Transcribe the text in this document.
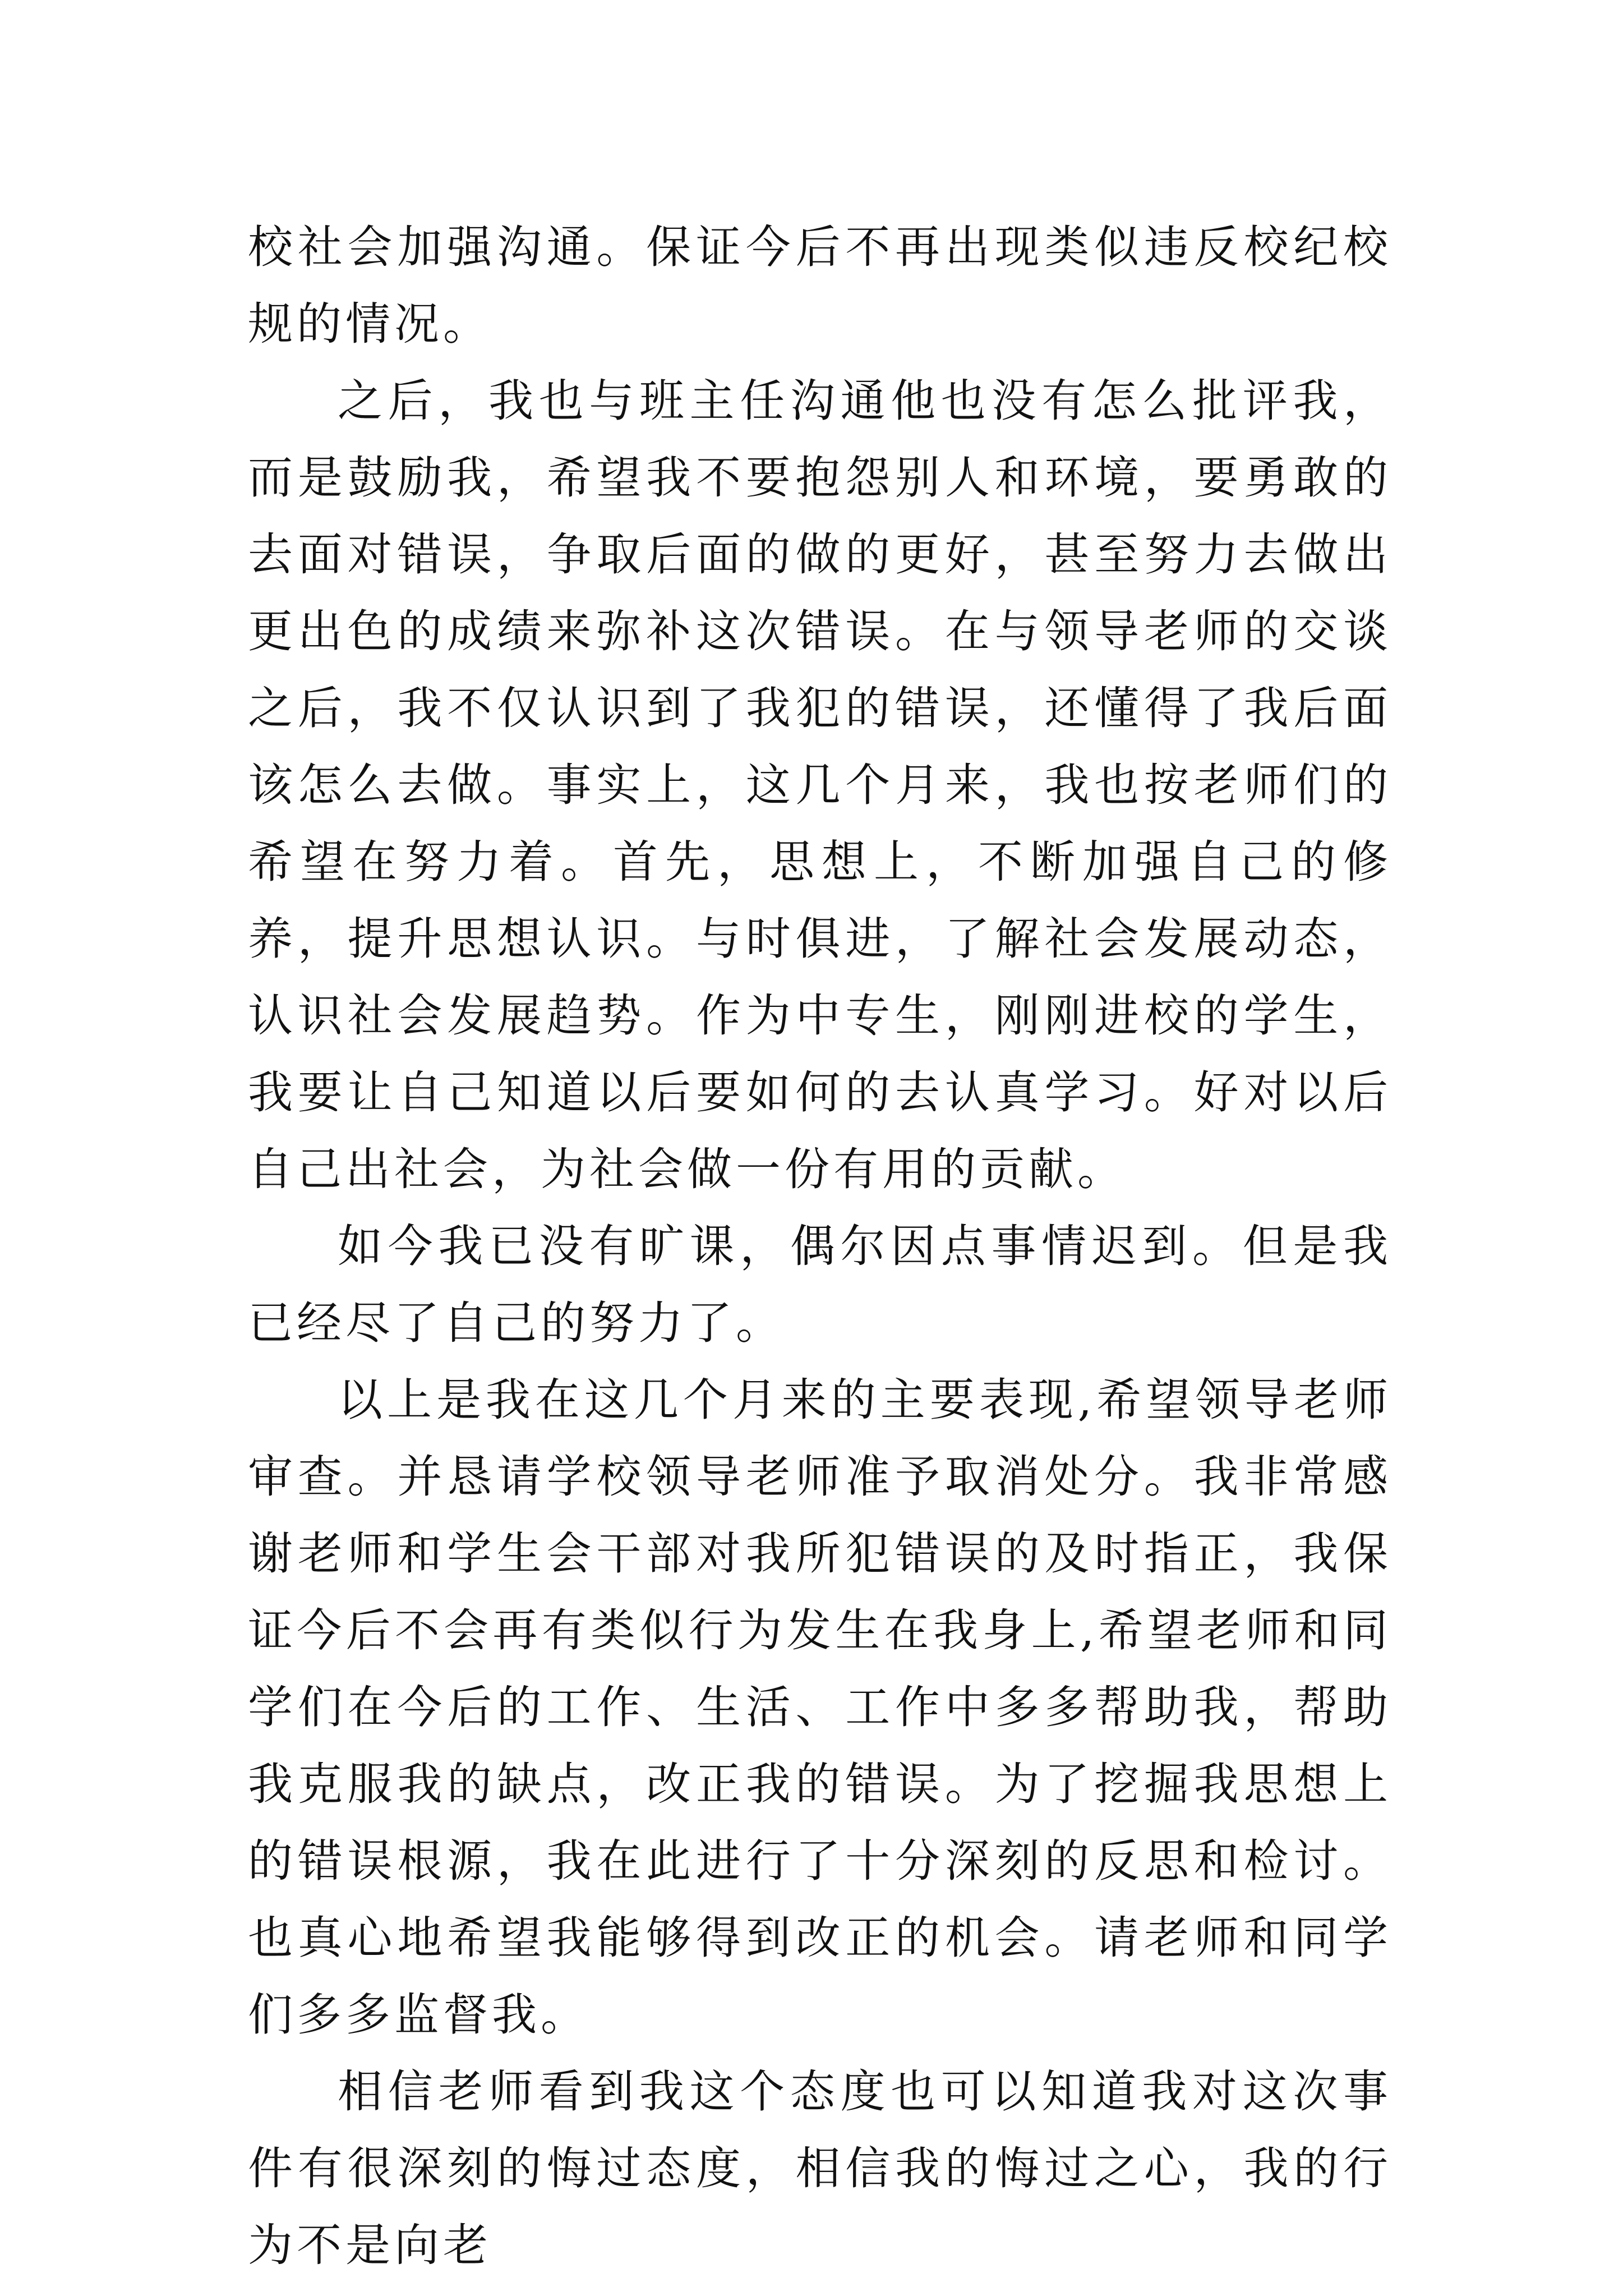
校社会加强沟通。保证今后不再出现类似违反校纪校规的情况。

之后，我也与班主任沟通他也没有怎么批评我，而是鼓励我，希望我不要抱怨别人和环境，要勇敢的去面对错误，争取后面的做的更好，甚至努力去做出更出色的成绩来弥补这次错误。在与领导老师的交谈之后，我不仅认识到了我犯的错误，还懂得了我后面该怎么去做。事实上，这几个月来，我也按老师们的希望在努力着。首先，思想上，不断加强自己的修养，提升思想认识。与时俱进，了解社会发展动态，认识社会发展趋势。作为中专生，刚刚进校的学生，我要让自己知道以后要如何的去认真学习。好对以后自己出社会，为社会做一份有用的贡献。

如今我已没有旷课，偶尔因点事情迟到。但是我已经尽了自己的努力了。

以上是我在这几个月来的主要表现,希望领导老师审查。并恳请学校领导老师准予取消处分。我非常感谢老师和学生会干部对我所犯错误的及时指正，我保证今后不会再有类似行为发生在我身上,希望老师和同学们在今后的工作、生活、工作中多多帮助我，帮助我克服我的缺点，改正我的错误。为了挖掘我思想上的错误根源，我在此进行了十分深刻的反思和检讨。也真心地希望我能够得到改正的机会。请老师和同学们多多监督我。

相信老师看到我这个态度也可以知道我对这次事件有很深刻的悔过态度，相信我的悔过之心，我的行为不是向老
